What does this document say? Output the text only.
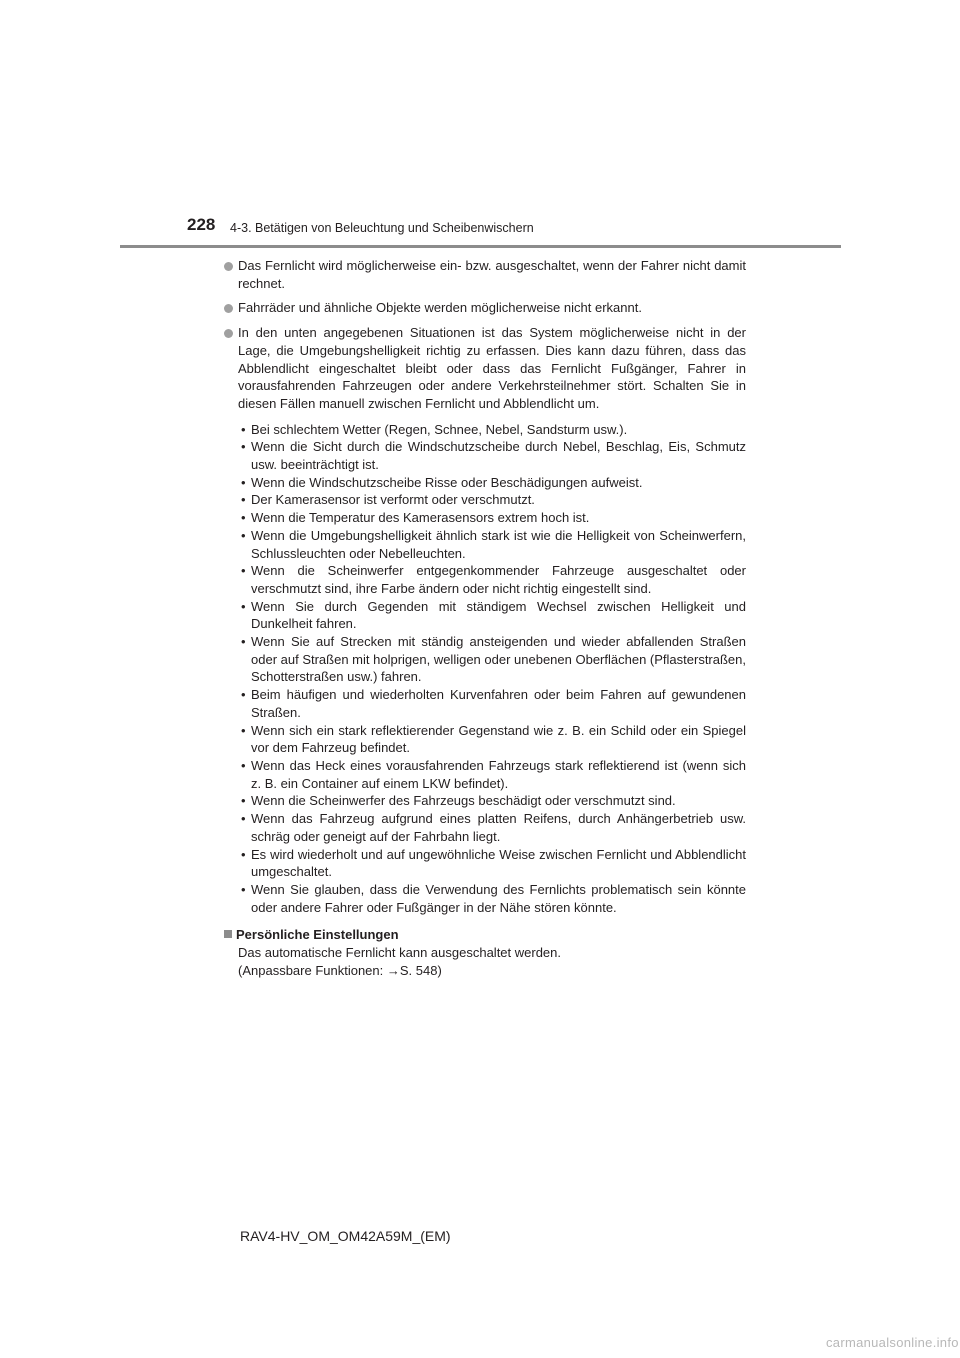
228 4-3. Betätigen von Beleuchtung und Scheibenwischern

Das Fernlicht wird möglicherweise ein- bzw. ausgeschaltet, wenn der Fahrer nicht damit rechnet.

Fahrräder und ähnliche Objekte werden möglicherweise nicht erkannt.

In den unten angegebenen Situationen ist das System möglicherweise nicht in der Lage, die Umgebungshelligkeit richtig zu erfassen. Dies kann dazu führen, dass das Abblendlicht eingeschaltet bleibt oder dass das Fernlicht Fußgänger, Fahrer in vorausfahrenden Fahrzeugen oder andere Verkehrsteilnehmer stört. Schalten Sie in diesen Fällen manuell zwischen Fernlicht und Abblendlicht um.

• Bei schlechtem Wetter (Regen, Schnee, Nebel, Sandsturm usw.).
• Wenn die Sicht durch die Windschutzscheibe durch Nebel, Beschlag, Eis, Schmutz usw. beeinträchtigt ist.
• Wenn die Windschutzscheibe Risse oder Beschädigungen aufweist.
• Der Kamerasensor ist verformt oder verschmutzt.
• Wenn die Temperatur des Kamerasensors extrem hoch ist.
• Wenn die Umgebungshelligkeit ähnlich stark ist wie die Helligkeit von Scheinwerfern, Schlussleuchten oder Nebelleuchten.
• Wenn die Scheinwerfer entgegenkommender Fahrzeuge ausgeschaltet oder verschmutzt sind, ihre Farbe ändern oder nicht richtig eingestellt sind.
• Wenn Sie durch Gegenden mit ständigem Wechsel zwischen Helligkeit und Dunkelheit fahren.
• Wenn Sie auf Strecken mit ständig ansteigenden und wieder abfallenden Straßen oder auf Straßen mit holprigen, welligen oder unebenen Oberflächen (Pflasterstraßen, Schotterstraßen usw.) fahren.
• Beim häufigen und wiederholten Kurvenfahren oder beim Fahren auf gewundenen Straßen.
• Wenn sich ein stark reflektierender Gegenstand wie z. B. ein Schild oder ein Spiegel vor dem Fahrzeug befindet.
• Wenn das Heck eines vorausfahrenden Fahrzeugs stark reflektierend ist (wenn sich z. B. ein Container auf einem LKW befindet).
• Wenn die Scheinwerfer des Fahrzeugs beschädigt oder verschmutzt sind.
• Wenn das Fahrzeug aufgrund eines platten Reifens, durch Anhängerbetrieb usw. schräg oder geneigt auf der Fahrbahn liegt.
• Es wird wiederholt und auf ungewöhnliche Weise zwischen Fernlicht und Abblendlicht umgeschaltet.
• Wenn Sie glauben, dass die Verwendung des Fernlichts problematisch sein könnte oder andere Fahrer oder Fußgänger in der Nähe stören könnte.
Persönliche Einstellungen
Das automatische Fernlicht kann ausgeschaltet werden.
(Anpassbare Funktionen: →S. 548)
RAV4-HV_OM_OM42A59M_(EM)
carmanualsonline.info
